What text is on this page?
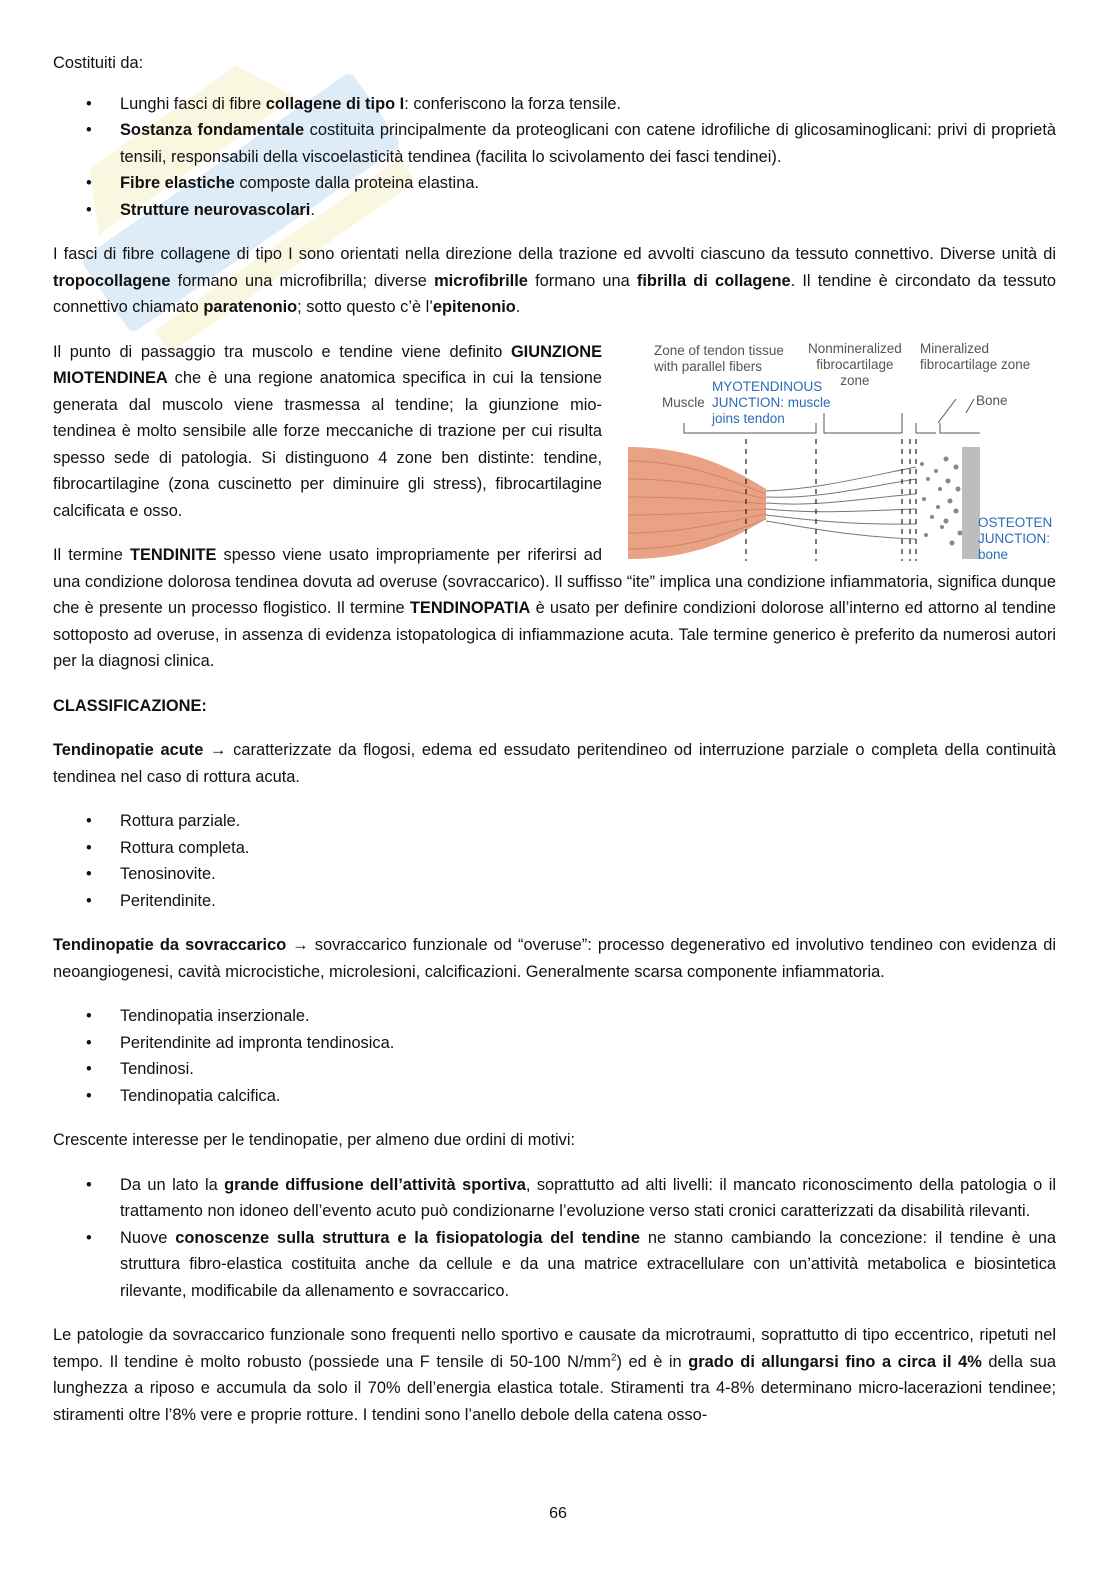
Costituiti da:

• Lunghi fasci di fibre collagene di tipo I: conferiscono la forza tensile.
• Sostanza fondamentale costituita principalmente da proteoglicani con catene idrofiliche di glicosaminoglicani: privi di proprietà tensili, responsabili della viscoelasticità tendinea (facilita lo scivolamento dei fasci tendinei).
• Fibre elastiche composte dalla proteina elastina.
• Strutture neurovascolari.

I fasci di fibre collagene di tipo I sono orientati nella direzione della trazione ed avvolti ciascuno da tessuto connettivo. Diverse unità di tropocollagene formano una microfibrilla; diverse microfibrille formano una fibrilla di collagene. Il tendine è circondato da tessuto connettivo chiamato paratenonio; sotto questo c’è l’epitenonio.

Zone of tendon tissue
with parallel fibers
Nonmineralized
fibrocartilage
zone
Mineralized
fibrocartilage zone
Muscle	Bone
MYOTENDINOUS
JUNCTION: muscle
joins tendon
OSTEOTEN
JUNCTION:
bone

Il punto di passaggio tra muscolo e tendine viene definito GIUNZIONE MIOTENDINEA che è una regione anatomica specifica in cui la tensione generata dal muscolo viene trasmessa al tendine; la giunzione mio-tendinea è molto sensibile alle forze meccaniche di trazione per cui risulta spesso sede di patologia. Si distinguono 4 zone ben distinte: tendine, fibrocartilagine (zona cuscinetto per diminuire gli stress), fibrocartilagine calcificata e osso.

Il termine TENDINITE spesso viene usato impropriamente per riferirsi ad una condizione dolorosa tendinea dovuta ad overuse (sovraccarico). Il suffisso “ite” implica una condizione infiammatoria, significa dunque che è presente un processo flogistico. Il termine TENDINOPATIA è usato per definire condizioni dolorose all’interno ed attorno al tendine sottoposto ad overuse, in assenza di evidenza istopatologica di infiammazione acuta. Tale termine generico è preferito da numerosi autori per la diagnosi clinica.

CLASSIFICAZIONE:

Tendinopatie acute → caratterizzate da flogosi, edema ed essudato peritendineo od interruzione parziale o completa della continuità tendinea nel caso di rottura acuta.

• Rottura parziale.
• Rottura completa.
• Tenosinovite.
• Peritendinite.

Tendinopatie da sovraccarico → sovraccarico funzionale od “overuse”: processo degenerativo ed involutivo tendineo con evidenza di neoangiogenesi, cavità microcistiche, microlesioni, calcificazioni. Generalmente scarsa componente infiammatoria.

• Tendinopatia inserzionale.
• Peritendinite ad impronta tendinosica.
• Tendinosi.
• Tendinopatia calcifica.

Crescente interesse per le tendinopatie, per almeno due ordini di motivi:

• Da un lato la grande diffusione dell’attività sportiva, soprattutto ad alti livelli: il mancato riconoscimento della patologia o il trattamento non idoneo dell’evento acuto può condizionarne l’evoluzione verso stati cronici caratterizzati da disabilità rilevanti.
• Nuove conoscenze sulla struttura e la fisiopatologia del tendine ne stanno cambiando la concezione: il tendine è una struttura fibro-elastica costituita anche da cellule e da una matrice extracellulare con un’attività metabolica e biosintetica rilevante, modificabile da allenamento e sovraccarico.

Le patologie da sovraccarico funzionale sono frequenti nello sportivo e causate da microtraumi, soprattutto di tipo eccentrico, ripetuti nel tempo. Il tendine è molto robusto (possiede una F tensile di 50-100 $N/mm^2$) ed è in grado di allungarsi fino a circa il 4% della sua lunghezza a riposo e accumula da solo il 70% dell’energia elastica totale. Stiramenti tra 4-8% determinano micro-lacerazioni tendinee; stiramenti oltre l’8% vere e proprie rotture. I tendini sono l’anello debole della catena osso-

66
